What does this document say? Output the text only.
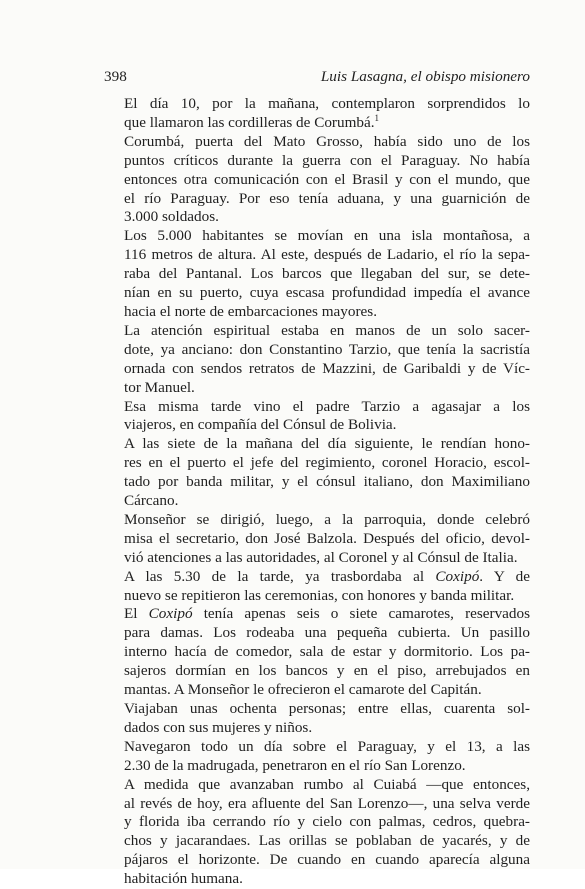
398	Luis Lasagna, el obispo misionero

El día 10, por la mañana, contemplaron sorprendidos lo
que llamaron las cordilleras de Corumbá.$^1$

Corumbá, puerta del Mato Grosso, había sido uno de los
puntos críticos durante la guerra con el Paraguay. No había
entonces otra comunicación con el Brasil y con el mundo, que
el río Paraguay. Por eso tenía aduana, y una guarnición de
3.000 soldados.

Los 5.000 habitantes se movían en una isla montañosa, a
116 metros de altura. Al este, después de Ladario, el río la sepa-
raba del Pantanal. Los barcos que llegaban del sur, se dete-
nían en su puerto, cuya escasa profundidad impedía el avance
hacia el norte de embarcaciones mayores.

La atención espiritual estaba en manos de un solo sacer-
dote, ya anciano: don Constantino Tarzio, que tenía la sacristía
ornada con sendos retratos de Mazzini, de Garibaldi y de Víc-
tor Manuel.

Esa misma tarde vino el padre Tarzio a agasajar a los
viajeros, en compañía del Cónsul de Bolivia.

A las siete de la mañana del día siguiente, le rendían hono-
res en el puerto el jefe del regimiento, coronel Horacio, escol-
tado por banda militar, y el cónsul italiano, don Maximiliano
Cárcano.

Monseñor se dirigió, luego, a la parroquia, donde celebró
misa el secretario, don José Balzola. Después del oficio, devol-
vió atenciones a las autoridades, al Coronel y al Cónsul de Italia.

A las 5.30 de la tarde, ya trasbordaba al Coxipó. Y de
nuevo se repitieron las ceremonias, con honores y banda militar.

El Coxipó tenía apenas seis o siete camarotes, reservados
para damas. Los rodeaba una pequeña cubierta. Un pasillo
interno hacía de comedor, sala de estar y dormitorio. Los pa-
sajeros dormían en los bancos y en el piso, arrebujados en
mantas. A Monseñor le ofrecieron el camarote del Capitán.

Viajaban unas ochenta personas; entre ellas, cuarenta sol-
dados con sus mujeres y niños.

Navegaron todo un día sobre el Paraguay, y el 13, a las
2.30 de la madrugada, penetraron en el río San Lorenzo.

A medida que avanzaban rumbo al Cuiabá —que entonces,
al revés de hoy, era afluente del San Lorenzo—, una selva verde
y florida iba cerrando río y cielo con palmas, cedros, quebra-
chos y jacarandaes. Las orillas se poblaban de yacarés, y de
pájaros el horizonte. De cuando en cuando aparecía alguna
habitación humana.
